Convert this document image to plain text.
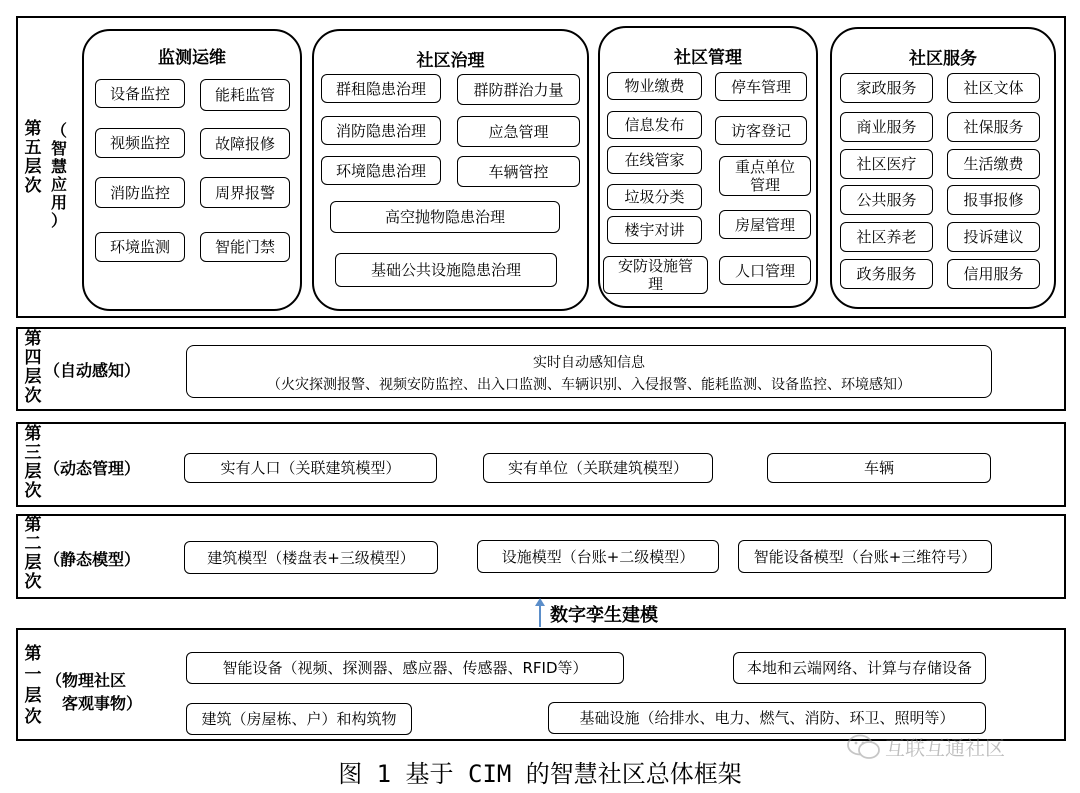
第
五
层
次
（
智
慧
应
用
）
监测运维
设备监控	能耗监管
视频监控	故障报修
消防监控	周界报警
环境监测	智能门禁
社区治理
群租隐患治理	群防群治力量
消防隐患治理	应急管理
环境隐患治理	车辆管控
高空抛物隐患治理
基础公共设施隐患治理
社区管理
物业缴费	停车管理
信息发布	访客登记
在线管家	重点单位管理
垃圾分类
楼宇对讲	房屋管理
安防设施管理
人口管理
社区服务
家政服务	社区文体
商业服务	社保服务
社区医疗	生活缴费
公共服务	报事报修
社区养老	投诉建议
政务服务	信用服务
第
四
层
次
（自动感知）	实时自动感知信息
（火灾探测报警、视频安防监控、出入口监测、车辆识别、入侵报警、能耗监测、设备监控、环境感知）
第
三
层
次
（动态管理）	实有人口（关联建筑模型）	实有单位（关联建筑模型）	车辆
第
二
层
次
（静态模型）	建筑模型（楼盘表+三级模型）	设施模型（台账+二级模型）	智能设备模型（台账+三维符号）
数字孪生建模
第
一
层
次
（物理社区
客观事物）
智能设备（视频、探测器、感应器、传感器、RFID等）	本地和云端网络、计算与存储设备
建筑（房屋栋、户）和构筑物	基础设施（给排水、电力、燃气、消防、环卫、照明等）
图 1 基于 CIM 的智慧社区总体框架
互联互通社区
